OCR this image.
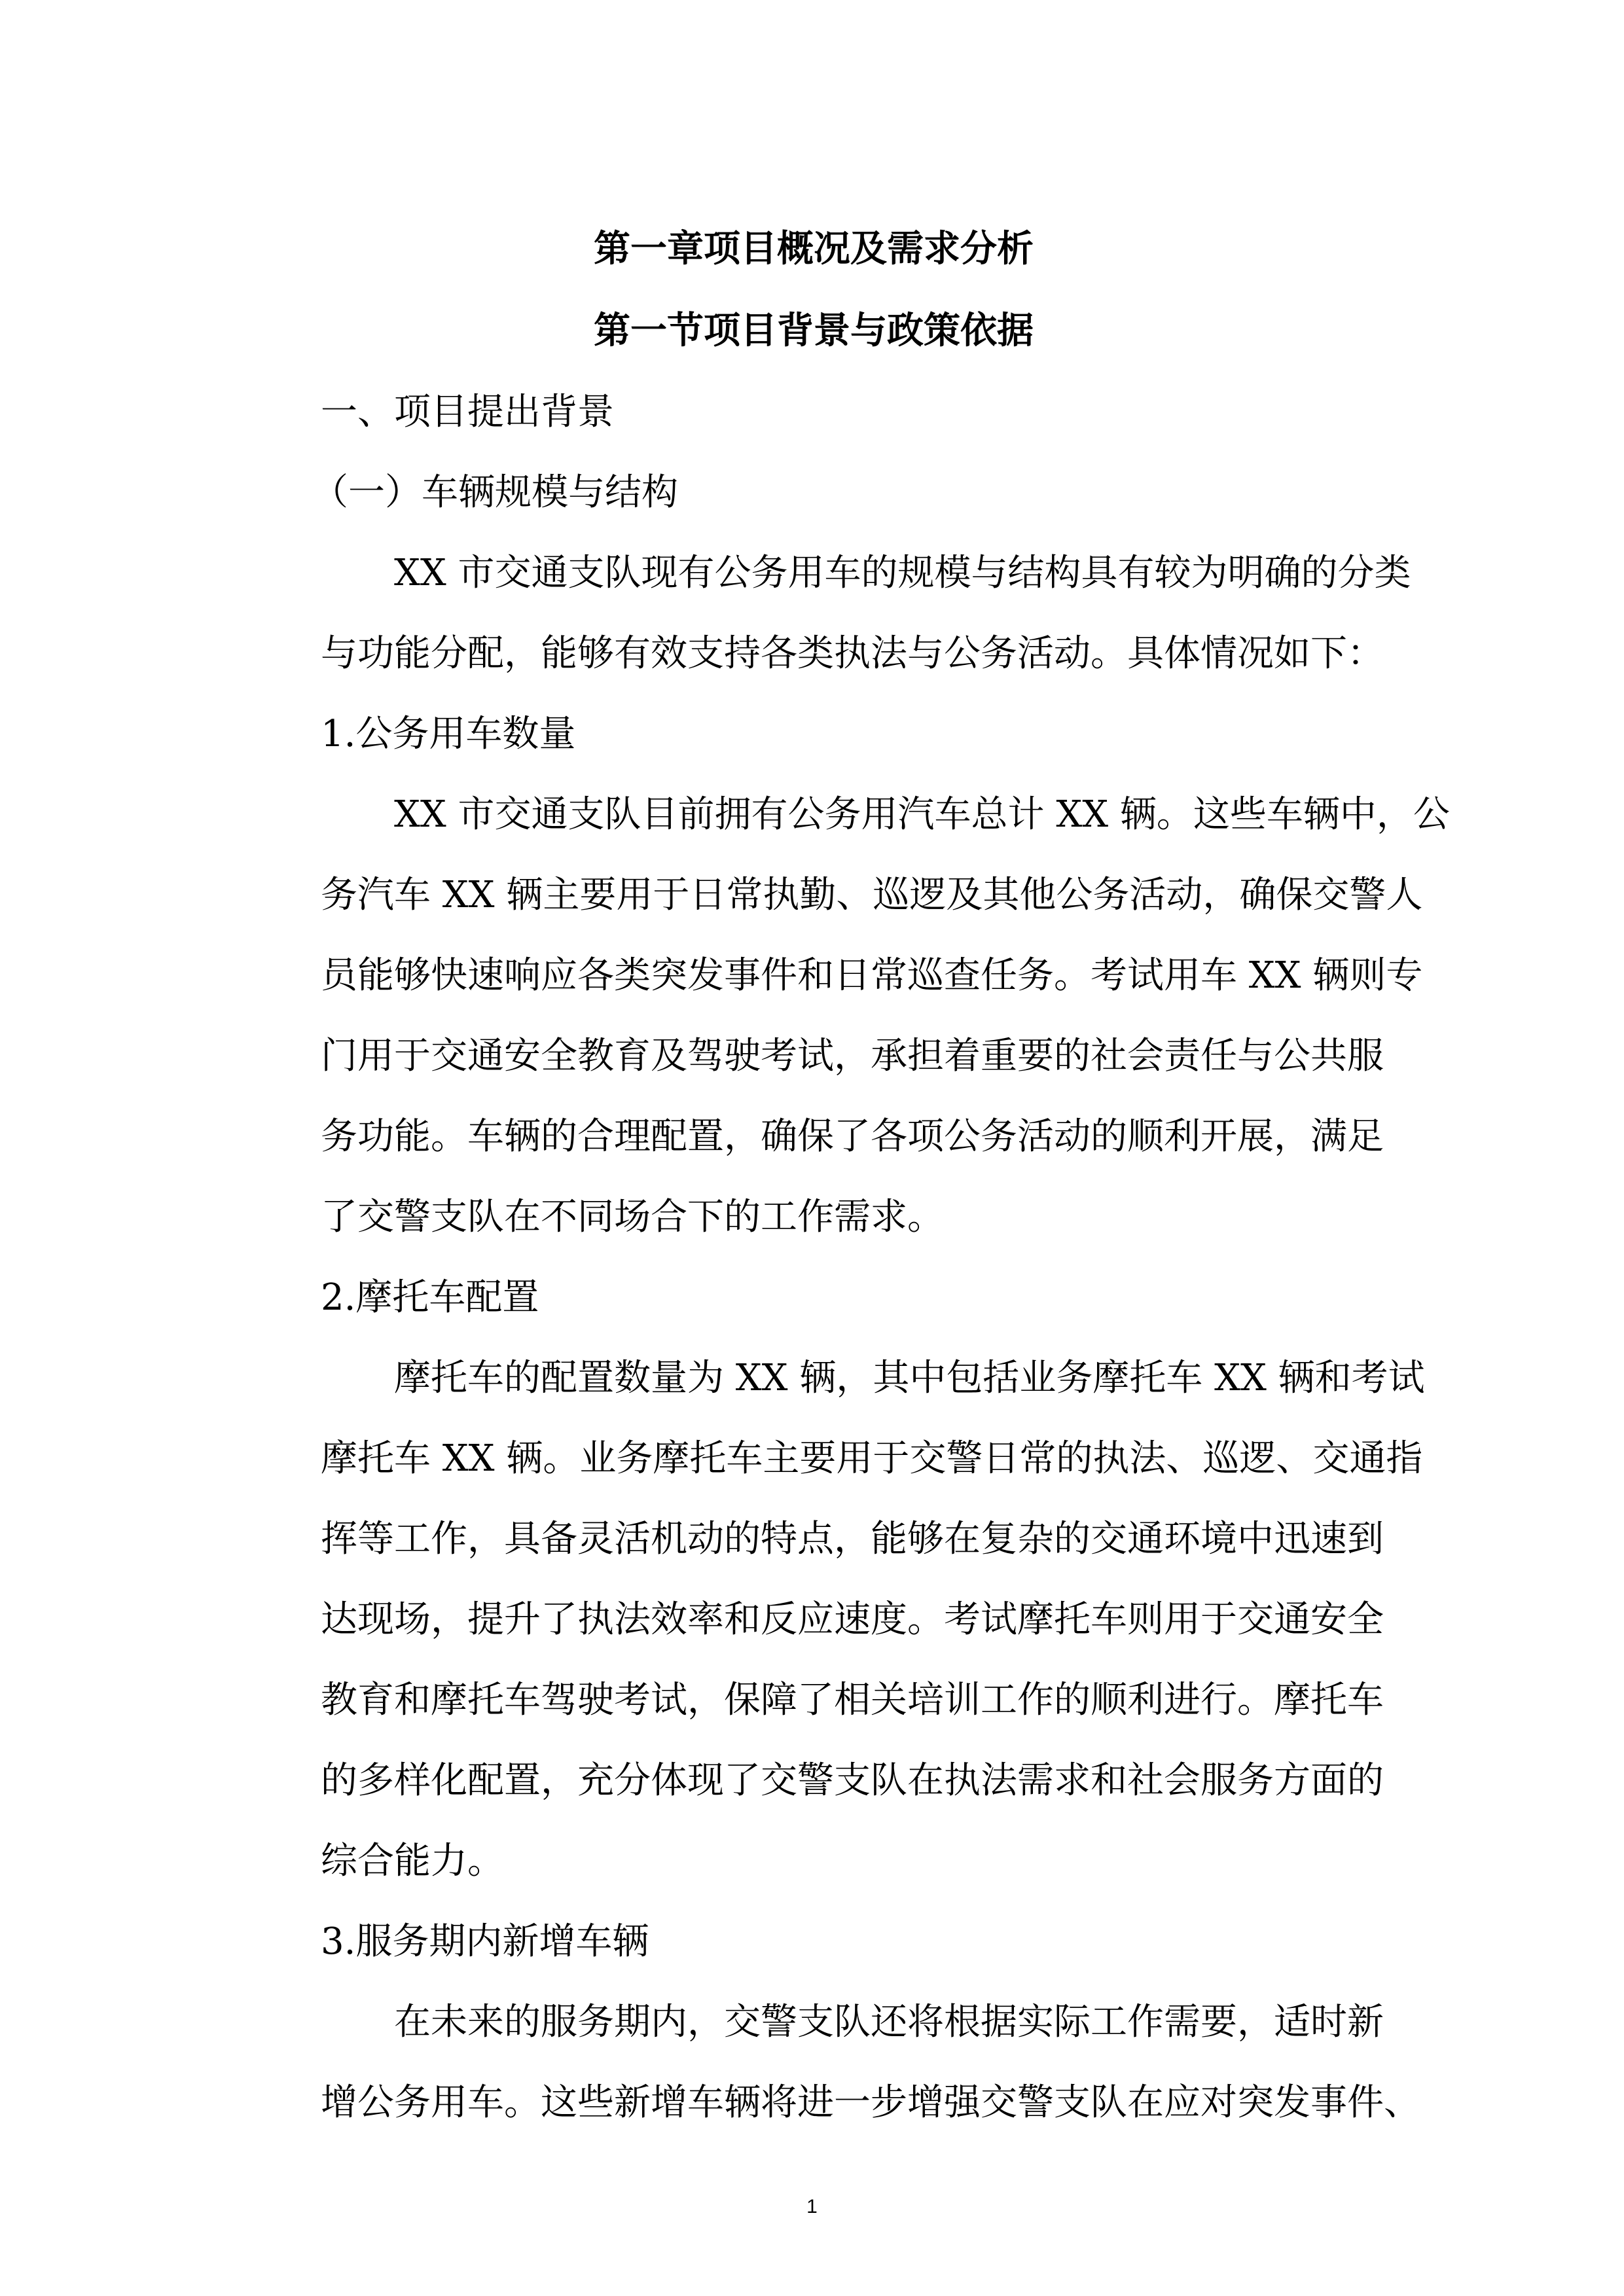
第一章项目概况及需求分析
第一节项目背景与政策依据
一、项目提出背景
（一）车辆规模与结构
XX 市交通支队现有公务用车的规模与结构具有较为明确的分类
与功能分配，能够有效支持各类执法与公务活动。具体情况如下：
1.公务用车数量
XX 市交通支队目前拥有公务用汽车总计 XX 辆。这些车辆中，公
务汽车 XX 辆主要用于日常执勤、巡逻及其他公务活动，确保交警人
员能够快速响应各类突发事件和日常巡查任务。考试用车 XX 辆则专
门用于交通安全教育及驾驶考试，承担着重要的社会责任与公共服
务功能。车辆的合理配置，确保了各项公务活动的顺利开展，满足
了交警支队在不同场合下的工作需求。
2.摩托车配置
摩托车的配置数量为 XX 辆，其中包括业务摩托车 XX 辆和考试
摩托车 XX 辆。业务摩托车主要用于交警日常的执法、巡逻、交通指
挥等工作，具备灵活机动的特点，能够在复杂的交通环境中迅速到
达现场，提升了执法效率和反应速度。考试摩托车则用于交通安全
教育和摩托车驾驶考试，保障了相关培训工作的顺利进行。摩托车
的多样化配置，充分体现了交警支队在执法需求和社会服务方面的
综合能力。
3.服务期内新增车辆
在未来的服务期内，交警支队还将根据实际工作需要，适时新
增公务用车。这些新增车辆将进一步增强交警支队在应对突发事件、
1
